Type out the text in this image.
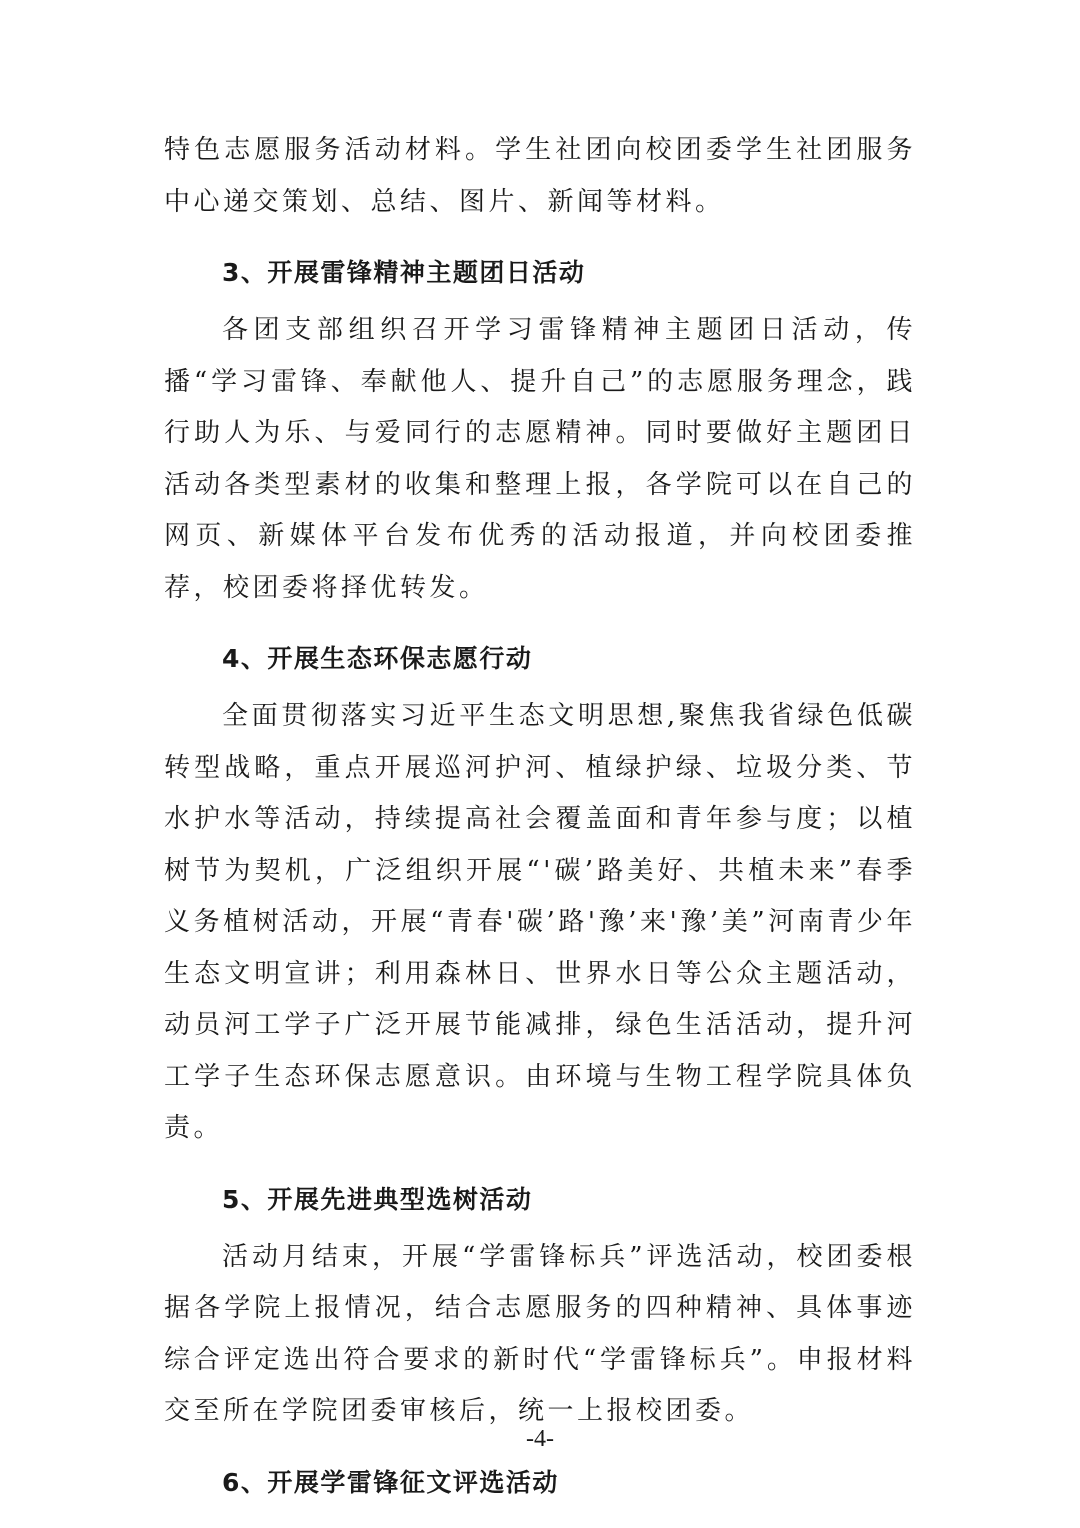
特色志愿服务活动材料。学生社团向校团委学生社团服务中心递交策划、总结、图片、新闻等材料。

3、开展雷锋精神主题团日活动

各团支部组织召开学习雷锋精神主题团日活动，传播“学习雷锋、奉献他人、提升自己”的志愿服务理念，践行助人为乐、与爱同行的志愿精神。同时要做好主题团日活动各类型素材的收集和整理上报，各学院可以在自己的网页、新媒体平台发布优秀的活动报道，并向校团委推荐，校团委将择优转发。

4、开展生态环保志愿行动

全面贯彻落实习近平生态文明思想,聚焦我省绿色低碳转型战略，重点开展巡河护河、植绿护绿、垃圾分类、节水护水等活动，持续提高社会覆盖面和青年参与度；以植树节为契机，广泛组织开展“'碳’路美好、共植未来”春季义务植树活动，开展“青春'碳’路'豫’来'豫’美”河南青少年生态文明宣讲；利用森林日、世界水日等公众主题活动，动员河工学子广泛开展节能减排，绿色生活活动，提升河工学子生态环保志愿意识。由环境与生物工程学院具体负责。

5、开展先进典型选树活动

活动月结束，开展“学雷锋标兵”评选活动，校团委根据各学院上报情况，结合志愿服务的四种精神、具体事迹综合评定选出符合要求的新时代“学雷锋标兵”。申报材料交至所在学院团委审核后，统一上报校团委。

6、开展学雷锋征文评选活动
-4-
